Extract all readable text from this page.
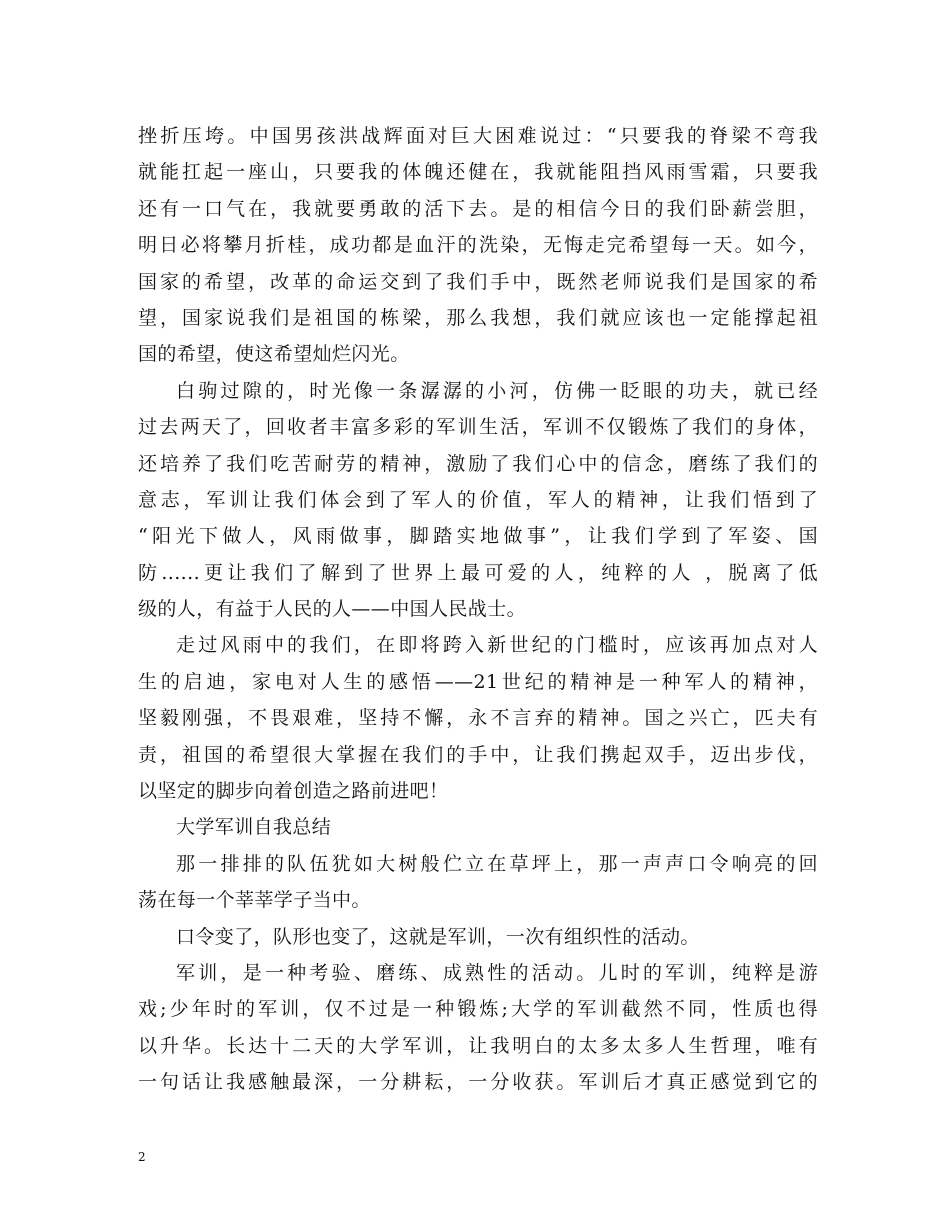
挫折压垮。中国男孩洪战辉面对巨大困难说过：“只要我的脊梁不弯我
就能扛起一座山，只要我的体魄还健在，我就能阻挡风雨雪霜，只要我
还有一口气在，我就要勇敢的活下去。是的相信今日的我们卧薪尝胆，
明日必将攀月折桂，成功都是血汗的洗染，无悔走完希望每一天。如今，
国家的希望，改革的命运交到了我们手中，既然老师说我们是国家的希
望，国家说我们是祖国的栋梁，那么我想，我们就应该也一定能撑起祖
国的希望，使这希望灿烂闪光。
白驹过隙的，时光像一条潺潺的小河，仿佛一眨眼的功夫，就已经
过去两天了，回收者丰富多彩的军训生活，军训不仅锻炼了我们的身体，
还培养了我们吃苦耐劳的精神，激励了我们心中的信念，磨练了我们的
意志，军训让我们体会到了军人的价值，军人的精神，让我们悟到了
“阳光下做人，风雨做事，脚踏实地做事”，让我们学到了军姿、国
防......更让我们了解到了世界上最可爱的人，纯粹的人 ，脱离了低
级的人，有益于人民的人——中国人民战士。
走过风雨中的我们，在即将跨入新世纪的门槛时，应该再加点对人
生的启迪，家电对人生的感悟——21世纪的精神是一种军人的精神，
坚毅刚强，不畏艰难，坚持不懈，永不言弃的精神。国之兴亡，匹夫有
责，祖国的希望很大掌握在我们的手中，让我们携起双手，迈出步伐，
以坚定的脚步向着创造之路前进吧！
大学军训自我总结
那一排排的队伍犹如大树般伫立在草坪上，那一声声口令响亮的回
荡在每一个莘莘学子当中。
口令变了，队形也变了，这就是军训，一次有组织性的活动。
军训，是一种考验、磨练、成熟性的活动。儿时的军训，纯粹是游
戏;少年时的军训，仅不过是一种锻炼;大学的军训截然不同，性质也得
以升华。长达十二天的大学军训，让我明白的太多太多人生哲理，唯有
一句话让我感触最深，一分耕耘，一分收获。军训后才真正感觉到它的
2
